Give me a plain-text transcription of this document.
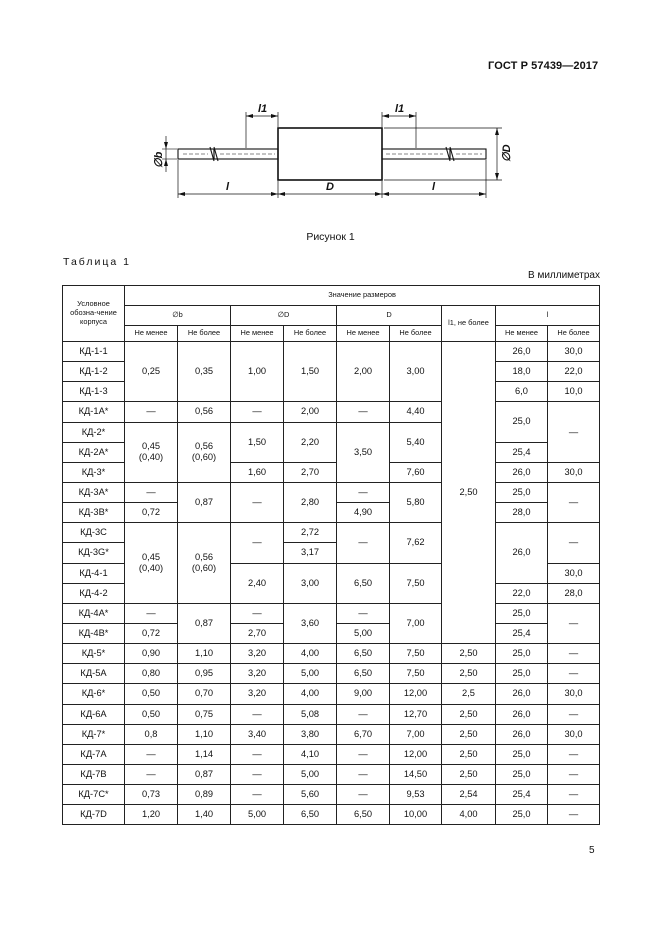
ГОСТ Р 57439—2017
l1	l1
l	D	l
∅b	∅D
Рисунок 1
Таблица 1
В миллиметрах
Условное обозна-чение корпуса	Значение размеров								
	∅b		∅D		D		l1, не более	l	
	Не менее	Не более	Не менее	Не более	Не менее	Не более		Не менее	Не более
КД-1-1	0,25	0,35	1,00	1,50	2,00	3,00	2,50	26,0	30,0
КД-1-2								18,0	22,0
КД-1-3								6,0	10,0
КД-1А*	—	0,56	—	2,00	—	4,40		25,0	—
КД-2*	0,45
(0,40)	0,56
(0,60)	1,50	2,20	3,50	5,40			
КД-2А*								25,4	
КД-3*			1,60	2,70		7,60		26,0	30,0
КД-3А*	—	0,87	—	2,80	—	5,80		25,0	—
КД-3В*	0,72				4,90			28,0	
КД-3С	0,45
(0,40)	0,56
(0,60)	—	2,72	—	7,62		26,0	—
КД-3G*				3,17					
КД-4-1			2,40	3,00	6,50	7,50			30,0
КД-4-2								22,0	28,0
КД-4А*	—	0,87	—	3,60	—	7,00		25,0	—
КД-4В*	0,72		2,70		5,00			25,4	
КД-5*	0,90	1,10	3,20	4,00	6,50	7,50	2,50	25,0	—
КД-5А	0,80	0,95	3,20	5,00	6,50	7,50	2,50	25,0	—
КД-6*	0,50	0,70	3,20	4,00	9,00	12,00	2,5	26,0	30,0
КД-6А	0,50	0,75	—	5,08	—	12,70	2,50	26,0	—
КД-7*	0,8	1,10	3,40	3,80	6,70	7,00	2,50	26,0	30,0
КД-7А	—	1,14	—	4,10	—	12,00	2,50	25,0	—
КД-7В	—	0,87	—	5,00	—	14,50	2,50	25,0	—
КД-7С*	0,73	0,89	—	5,60	—	9,53	2,54	25,4	—
КД-7D	1,20	1,40	5,00	6,50	6,50	10,00	4,00	25,0	—
5
